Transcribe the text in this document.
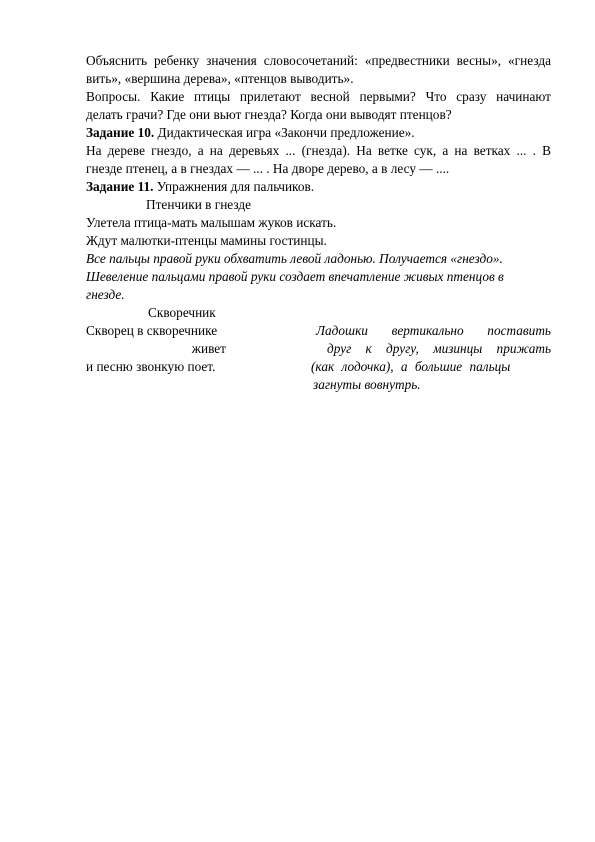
Объяснить ребенку значения словосочетаний: «предвестники весны», «гнезда

вить», «вершина дерева», «птенцов выводить».

Вопросы. Какие птицы прилетают весной первыми? Что сразу начинают

делать грачи? Где они вьют гнезда? Когда они выводят птенцов?

Задание 10. Дидактическая игра «Закончи предложение».

На дереве гнездо, а на деревьях ... (гнезда). На ветке сук, а на ветках ... . В

гнезде птенец, а в гнездах — ... . На дворе дерево, а в лесу — ....

Задание 11. Упражнения для пальчиков.

Птенчики в гнезде

Улетела птица-мать малышам жуков искать.

Ждут малютки-птенцы мамины гостинцы.

Все пальцы правой руки обхватить левой ладонью. Получается «гнездо».

Шевеление пальцами правой руки создает впечатление живых птенцов в

гнезде.

Скворечник

Скворец в скворечнике

живет

и песню звонкую поет.

Ладошки вертикально поставить

друг к другу, мизинцы прижать

(как лодочка), а большие пальцы

загнуты вовнутрь.
